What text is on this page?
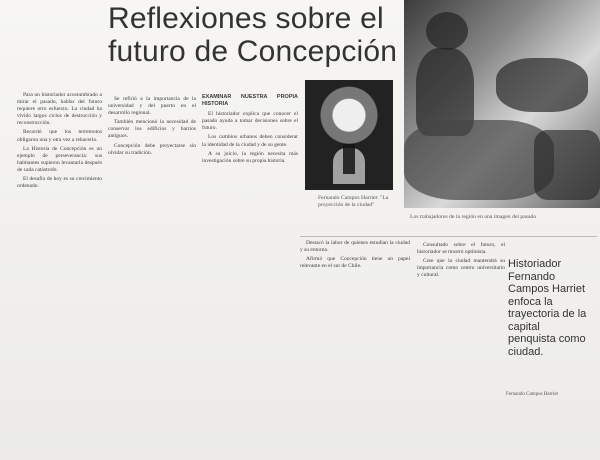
Reflexiones sobre el
futuro de Concepción
Los trabajadores de la región en una imagen del pasado
Fernando Campos Harriet: "La proyección de la ciudad"
Para un historiador acostumbrado a mirar el pasado, hablar del futuro requiere otro esfuerzo. La ciudad ha vivido largos ciclos de destrucción y reconstrucción.
Recordó que los terremotos obligaron una y otra vez a rehacerla.
La Historia de Concepción es un ejemplo de perseverancia: sus habitantes supieron levantarla después de cada catástrofe.
El desafío de hoy es su crecimiento ordenado.
Se refirió a la importancia de la universidad y del puerto en el desarrollo regional.
También mencionó la necesidad de conservar los edificios y barrios antiguos.
Concepción debe proyectarse sin olvidar su tradición.
EXAMINAR NUESTRA PROPIA HISTORIA
El historiador explica que conocer el pasado ayuda a tomar decisiones sobre el futuro.
Los cambios urbanos deben considerar la identidad de la ciudad y de su gente.
A su juicio, la región necesita más investigación sobre su propia historia.
Destacó la labor de quienes estudian la ciudad y su entorno.
Afirmó que Concepción tiene un papel relevante en el sur de Chile.
Consultado sobre el futuro, el historiador se mostró optimista.
Cree que la ciudad mantendrá su importancia como centro universitario y cultural.
Historiador Fernando Campos Harriet enfoca la trayectoria de la capital penquista como ciudad.
Fernando Campos Harriet
